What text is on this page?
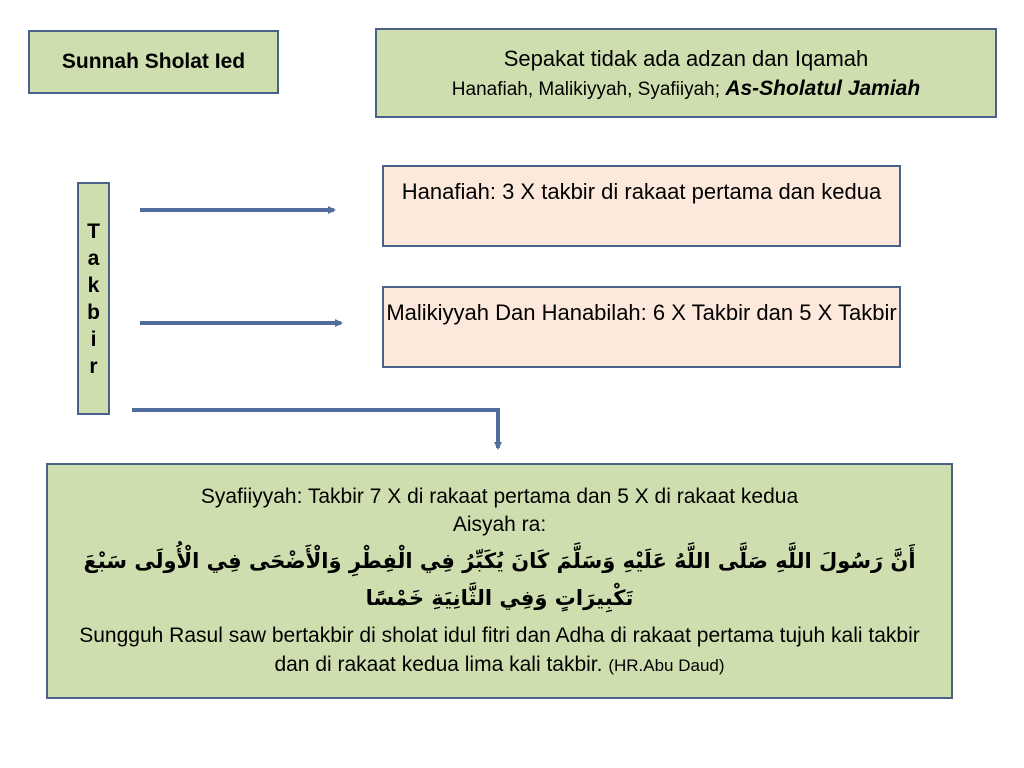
Sunnah Sholat Ied	Sepakat tidak ada adzan dan Iqamah
Hanafiah, Malikiyyah, Syafiiyah; As-Sholatul Jamiah
T
a
k
b
i
r
Hanafiah: 3 X takbir di rakaat pertama dan kedua
Malikiyyah Dan Hanabilah: 6 X Takbir dan 5 X Takbir
Syafiiyyah: Takbir 7 X di rakaat pertama dan 5 X di rakaat kedua
Aisyah ra:
أَنَّ رَسُولَ اللَّهِ صَلَّى اللَّهُ عَلَيْهِ وَسَلَّمَ كَانَ يُكَبِّرُ فِي الْفِطْرِ وَالْأَضْحَى فِي الْأُولَى سَبْعَ تَكْبِيرَاتٍ وَفِي الثَّانِيَةِ خَمْسًا
Sungguh Rasul saw bertakbir di sholat idul fitri dan Adha di rakaat pertama tujuh kali takbir dan di rakaat kedua lima kali takbir. (HR.Abu Daud)
